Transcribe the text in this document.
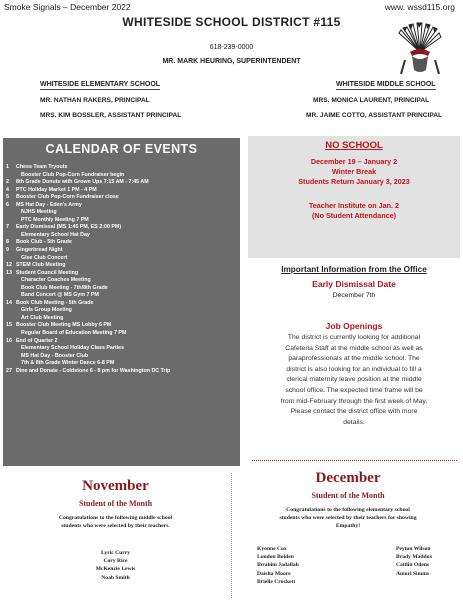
Smoke Signals – December 2022	www. wssd115.org
WHITESIDE SCHOOL DISTRICT #115
618-239-0000
MR. MARK HEURING, SUPERINTENDENT
WHITESIDE ELEMENTARY SCHOOL
MR. NATHAN RAKERS, PRINCIPAL
MRS. KIM BOSSLER, ASSISTANT PRINCIPAL
WHITESIDE MIDDLE SCHOOL
MRS. MONICA LAURENT, PRINCIPAL
MR. JAIME COTTO, ASSISTANT PRINCIPAL
CALENDAR OF EVENTS
1 Chess Team Tryouts
Booster Club Pop-Corn Fundraiser begin
2 8th Grade Donuts with Grown Ups 7:15 AM - 7:45 AM
4 PTC Holiday Market 1 PM - 4 PM
5 Booster Club Pop-Corn Fundraiser close
6 MS Hat Day - Eden's Army
NJHS Meeting
PTC Monthly Meeting 7 PM
7 Early Dismissal (MS 1:45 PM, ES 2:00 PM)
Elementary School Hat Day
8 Book Club - 5th Grade
9 Gingerbread Night
Glee Club Concert
12 STEM Club Meeting
13 Student Council Meeting
Character Coaches Meeting
Book Club Meeting - 7th/8th Grade
Band Concert @ MS Gym 7 PM
14 Book Club Meeting - 5th Grade
Girls Group Meeting
Art Club Meeting
15 Booster Club Meeting MS Lobby 6 PM
Regular Board of Education Meeting 7 PM
16 End of Quarter 2
Elementary School Holiday Class Parties
MS Hat Day - Booster Club
7th & 8th Grade Winter Dance 6-8 PM
27 Dine and Donate - Coldstone 6 - 8 pm for Washington DC Trip
NO SCHOOL
December 19 – January 2
Winter Break
Students Return January 3, 2023
Teacher Institute on Jan. 2
(No Student Attendance)
Important Information from the Office
Early Dismissal Date
December 7th
Job Openings
The district is currently looking for additional
Cafeteria Staff at the middle school as well as
paraprofessionals at the middle school. The
district is also looking for an individual to fill a
clerical maternity leave position at the middle
school office. The expected time frame will be
from mid-February through the first week of May.
Please contact the district office with more
details.
November
Student of the Month
Congratulations to the following middle school
students who were selected by their teachers.
Lyric Curry
Cory Rice
McKenzie Lewis
Noah Smith
December
Student of the Month
Congratulations to the following elementary school
students who were selected by their teachers for showing
Empathy!
Kyonne Cox
London Bolden
Ibrahim Jadallah
Daisha Moore
Brielle Crockett
Peyton Wilson
Brady Maddox
Caitlin Odens
Amori Simms
